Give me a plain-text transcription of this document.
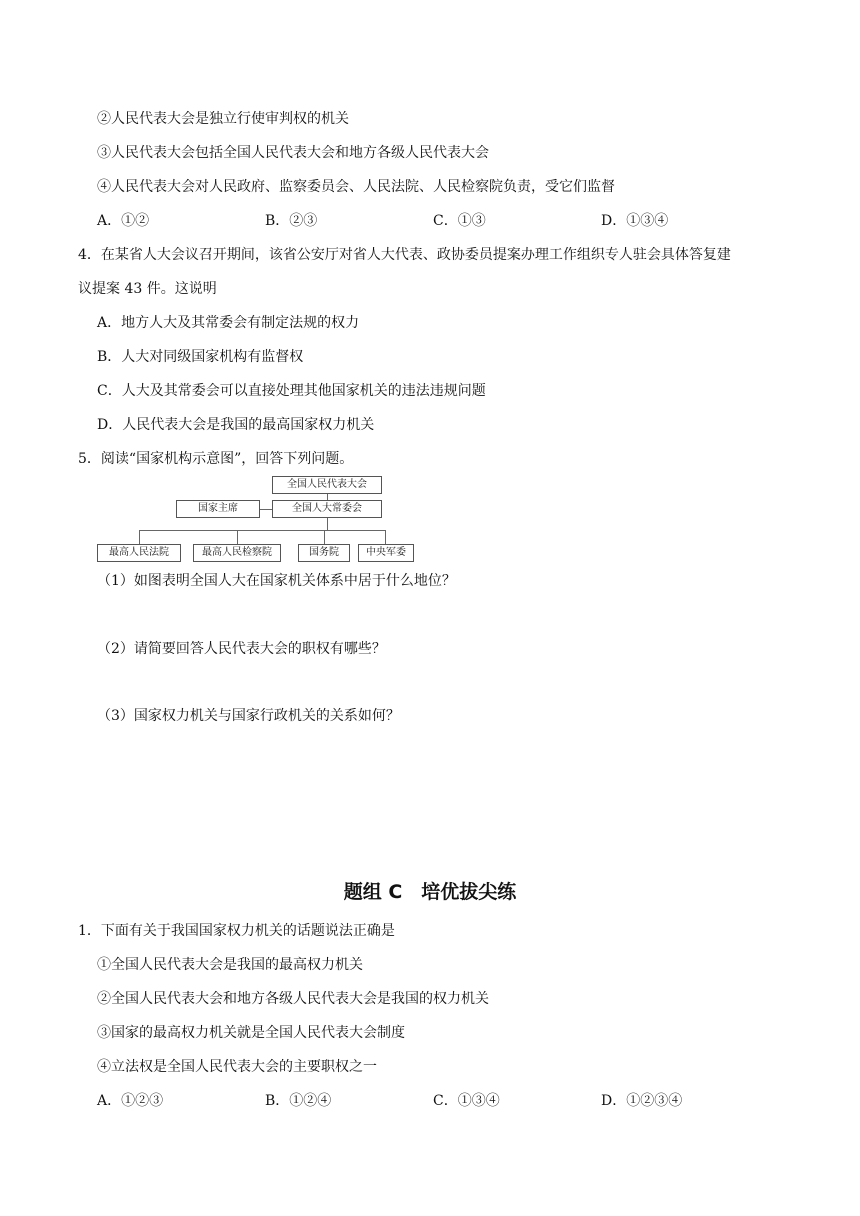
②人民代表大会是独立行使审判权的机关
③人民代表大会包括全国人民代表大会和地方各级人民代表大会
④人民代表大会对人民政府、监察委员会、人民法院、人民检察院负责，受它们监督
A．①②	B．②③	C．①③	D．①③④
4．在某省人大会议召开期间，该省公安厅对省人大代表、政协委员提案办理工作组织专人驻会具体答复建
议提案 43 件。这说明
A．地方人大及其常委会有制定法规的权力
B．人大对同级国家机构有监督权
C．人大及其常委会可以直接处理其他国家机关的违法违规问题
D．人民代表大会是我国的最高国家权力机关
5．阅读“国家机构示意图”，回答下列问题。
全国人民代表大会
国家主席	全国人大常委会
最高人民法院	最高人民检察院	国务院	中央军委
（1）如图表明全国人大在国家机关体系中居于什么地位？
（2）请简要回答人民代表大会的职权有哪些？
（3）国家权力机关与国家行政机关的关系如何？
题组 C　培优拔尖练
1．下面有关于我国国家权力机关的话题说法正确是
①全国人民代表大会是我国的最高权力机关
②全国人民代表大会和地方各级人民代表大会是我国的权力机关
③国家的最高权力机关就是全国人民代表大会制度
④立法权是全国人民代表大会的主要职权之一
A．①②③	B．①②④	C．①③④	D．①②③④
